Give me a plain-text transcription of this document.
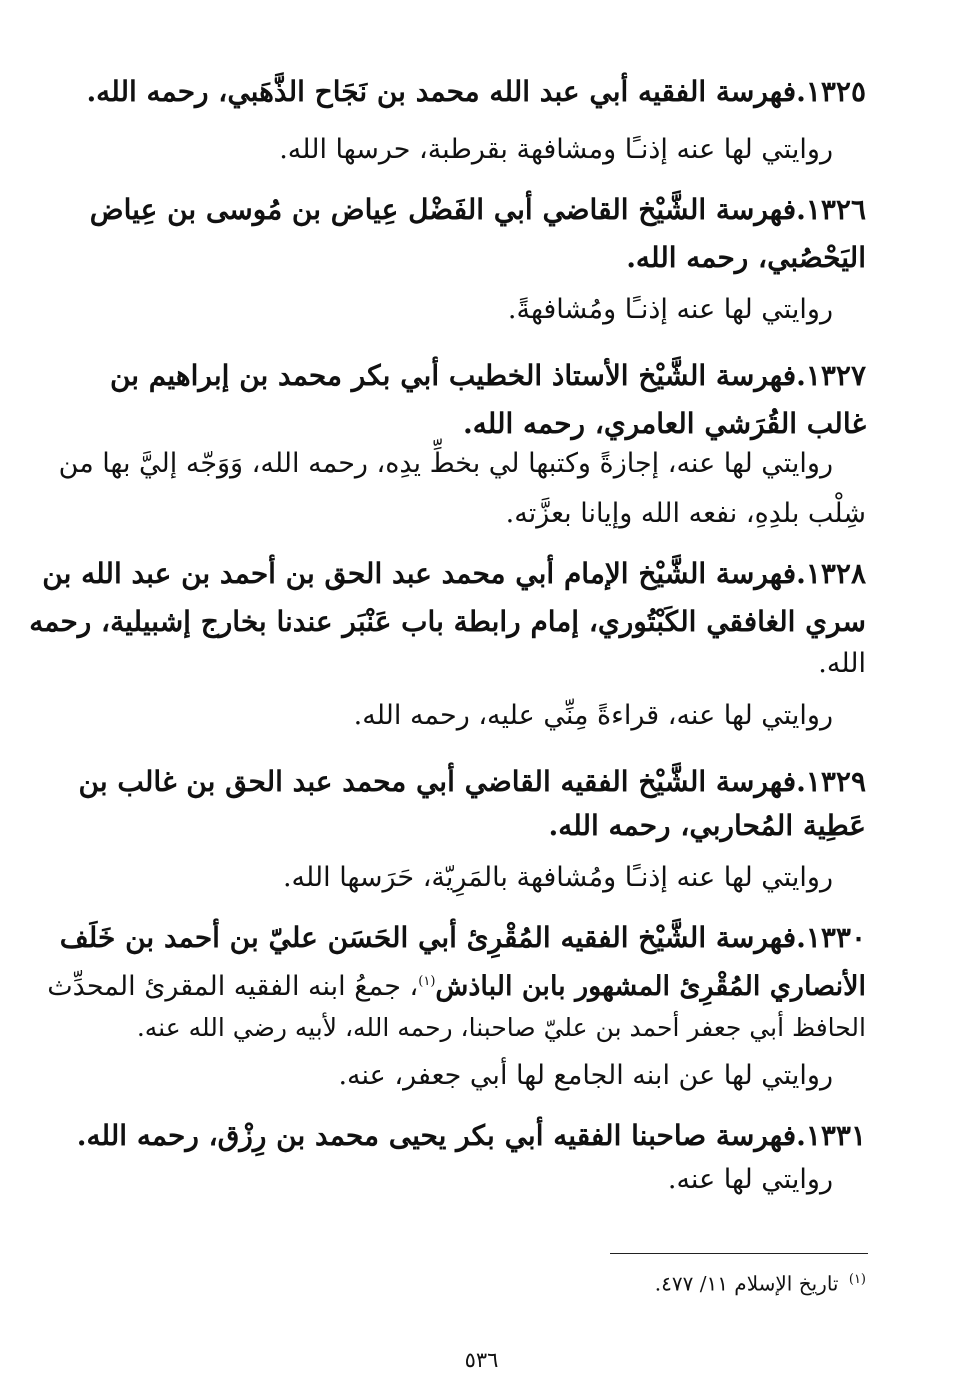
١٣٢٥.فهرسة الفقيه أبي عبد الله محمد بن نَجَاح الذَّهَبي، رحمه الله.
روايتي لها عنه إذنـًا ومشافهة بقرطبة، حرسها الله.
١٣٢٦.فهرسة الشَّيْخ القاضي أبي الفَضْل عِياض بن مُوسى بن عِياض
اليَحْصُبي، رحمه الله.
روايتي لها عنه إذنـًا ومُشافهةً.
١٣٢٧.فهرسة الشَّيْخ الأستاذ الخطيب أبي بكر محمد بن إبراهيم بن
غالب القُرَشي العامري، رحمه الله.
روايتي لها عنه، إجازةً وكتبها لي بخطِّ يدِه، رحمه الله، وَوَجّه إليَّ بها من
شِلْب بلدِهِ، نفعه الله وإيانا بعزَّته.
١٣٢٨.فهرسة الشَّيْخ الإمام أبي محمد عبد الحق بن أحمد بن عبد الله بن
سري الغافقي الكَبْتُوري، إمام رابطة باب عَنْبَر عندنا بخارج إشبيلية، رحمه
الله.
روايتي لها عنه، قراءةً مِنِّي عليه، رحمه الله.
١٣٢٩.فهرسة الشَّيْخ الفقيه القاضي أبي محمد عبد الحق بن غالب بن
عَطِية المُحاربي، رحمه الله.
روايتي لها عنه إذنـًا ومُشافهة بالمَرِيّة، حَرَسها الله.
١٣٣٠.فهرسة الشَّيْخ الفقيه المُقْرِئ أبي الحَسَن عليّ بن أحمد بن خَلَف
الأنصاري المُقْرِئ المشهور بابن الباذش$^{(١)}$، جمعُ ابنه الفقيه المقرئ المحدِّث
الحافظ أبي جعفر أحمد بن عليّ صاحبنا، رحمه الله، لأبيه رضي الله عنه.
روايتي لها عن ابنه الجامع لها أبي جعفر، عنه.
١٣٣١.فهرسة صاحبنا الفقيه أبي بكر يحيى محمد بن رِزْق، رحمه الله.
روايتي لها عنه.
$^{(١)}$ تاريخ الإسلام ١١/ ٤٧٧.
٥٣٦
